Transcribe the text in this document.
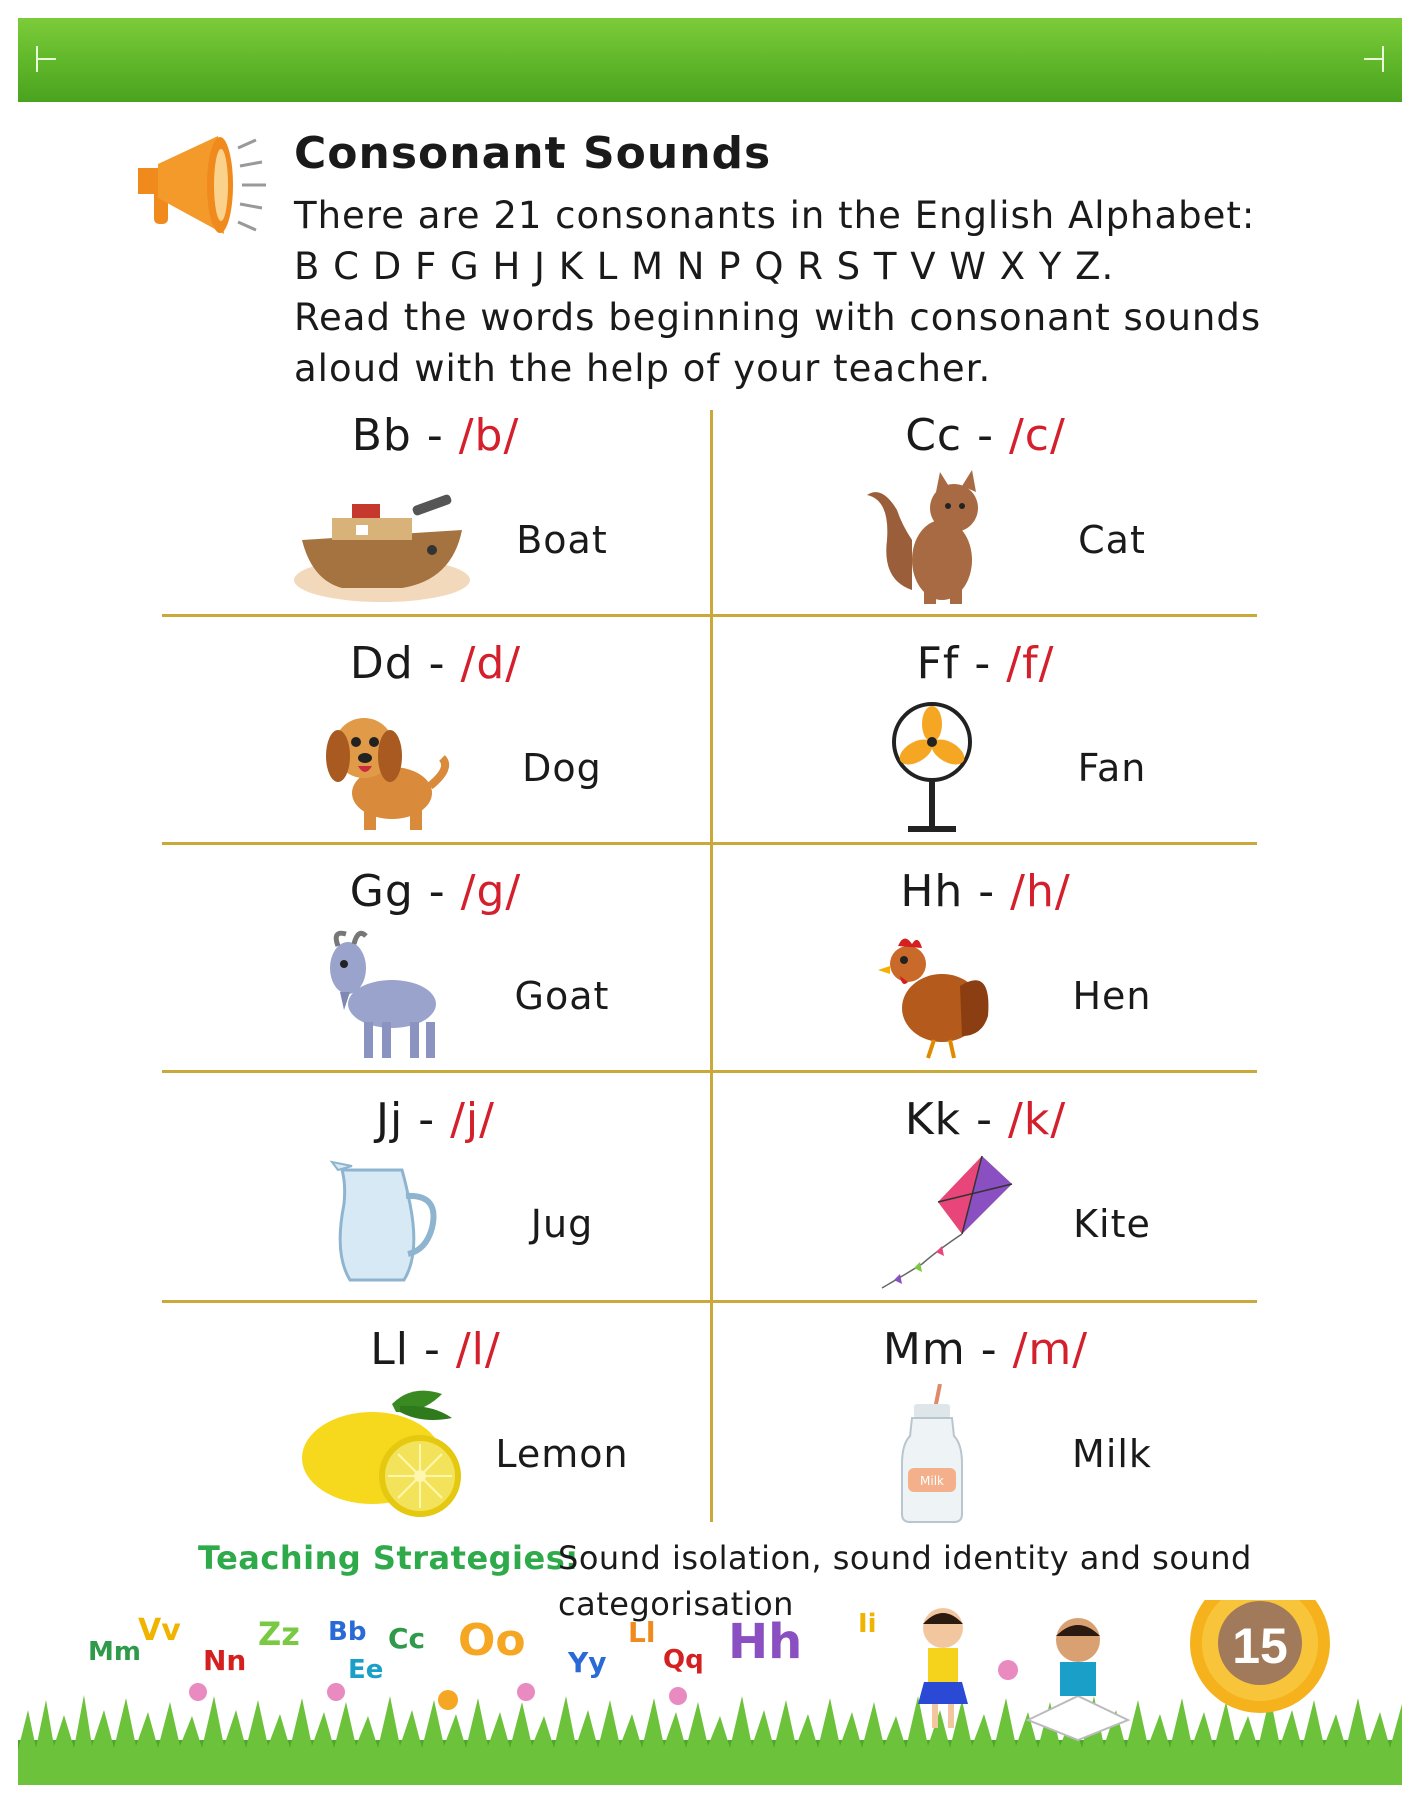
Consonant Sounds
There are 21 consonants in the English Alphabet:
B C D F G H J K L M N P Q R S T V W X Y Z.
Read the words beginning with consonant sounds
aloud with the help of your teacher.
Bb - /b/
Boat
Cc - /c/
Cat
Dd - /d/
Dog
Ff - /f/
Fan
Gg - /g/
Goat
Hh - /h/
Hen
Jj - /j/
Jug
Kk - /k/
Kite
Ll - /l/
Lemon
Mm - /m/
Milk
Milk
Teaching Strategies:
Sound isolation, sound identity and sound categorisation
Mm
Vv
Nn
Zz Bb
Ee
Cc Oo Yy
Ll
Qq Hh Ii	15
